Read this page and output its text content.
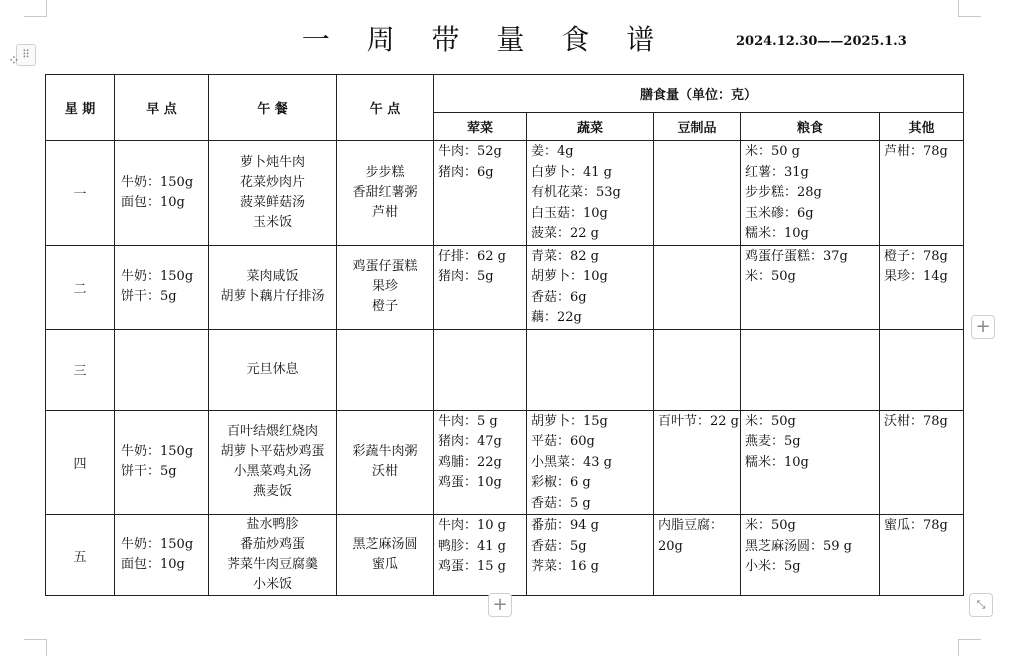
⠿
⁘
一 周 带 量 食 谱	2024.12.30——2025.1.3
星 期	早 点	午 餐	午 点	膳食量（单位：克）				
				荤菜	蔬菜	豆制品	粮食	其他
一	牛奶：150g
面包：10g	萝卜炖牛肉
花菜炒肉片
菠菜鲜菇汤
玉米饭	步步糕
香甜红薯粥
芦柑	牛肉：52g
猪肉：6g	姜：4g
白萝卜：41 g
有机花菜：53g
白玉菇：10g
菠菜：22 g		米：50 g
红薯：31g
步步糕：28g
玉米碜：6g
糯米：10g	芦柑：78g

二	牛奶：150g
饼干：5g	菜肉咸饭
胡萝卜藕片仔排汤	鸡蛋仔蛋糕
果珍
橙子	仔排：62 g
猪肉：5g	青菜：82 g
胡萝卜：10g
香菇：6g
藕：22g		鸡蛋仔蛋糕：37g
米：50g	橙子：78g
果珍：14g

三		元旦休息						

四	牛奶：150g
饼干：5g	百叶结煨红烧肉
胡萝卜平菇炒鸡蛋
小黑菜鸡丸汤
燕麦饭	彩蔬牛肉粥
沃柑	牛肉：5 g
猪肉：47g
鸡脯：22g
鸡蛋：10g	胡萝卜：15g
平菇：60g
小黑菜：43 g
彩椒：6 g
香菇：5 g	百叶节：22 g	米：50g
燕麦：5g
糯米：10g	沃柑：78g

五	牛奶：150g
面包：10g	盐水鸭胗
番茄炒鸡蛋
荠菜牛肉豆腐羹
小米饭	黑芝麻汤圆
蜜瓜	牛肉：10 g
鸭胗：41 g
鸡蛋：15 g	番茄：94 g
香菇：5g
荠菜：16 g	内脂豆腐：
20g	米：50g
黑芝麻汤圆：59 g
小米：5g	蜜瓜：78g
+
+	⤡
